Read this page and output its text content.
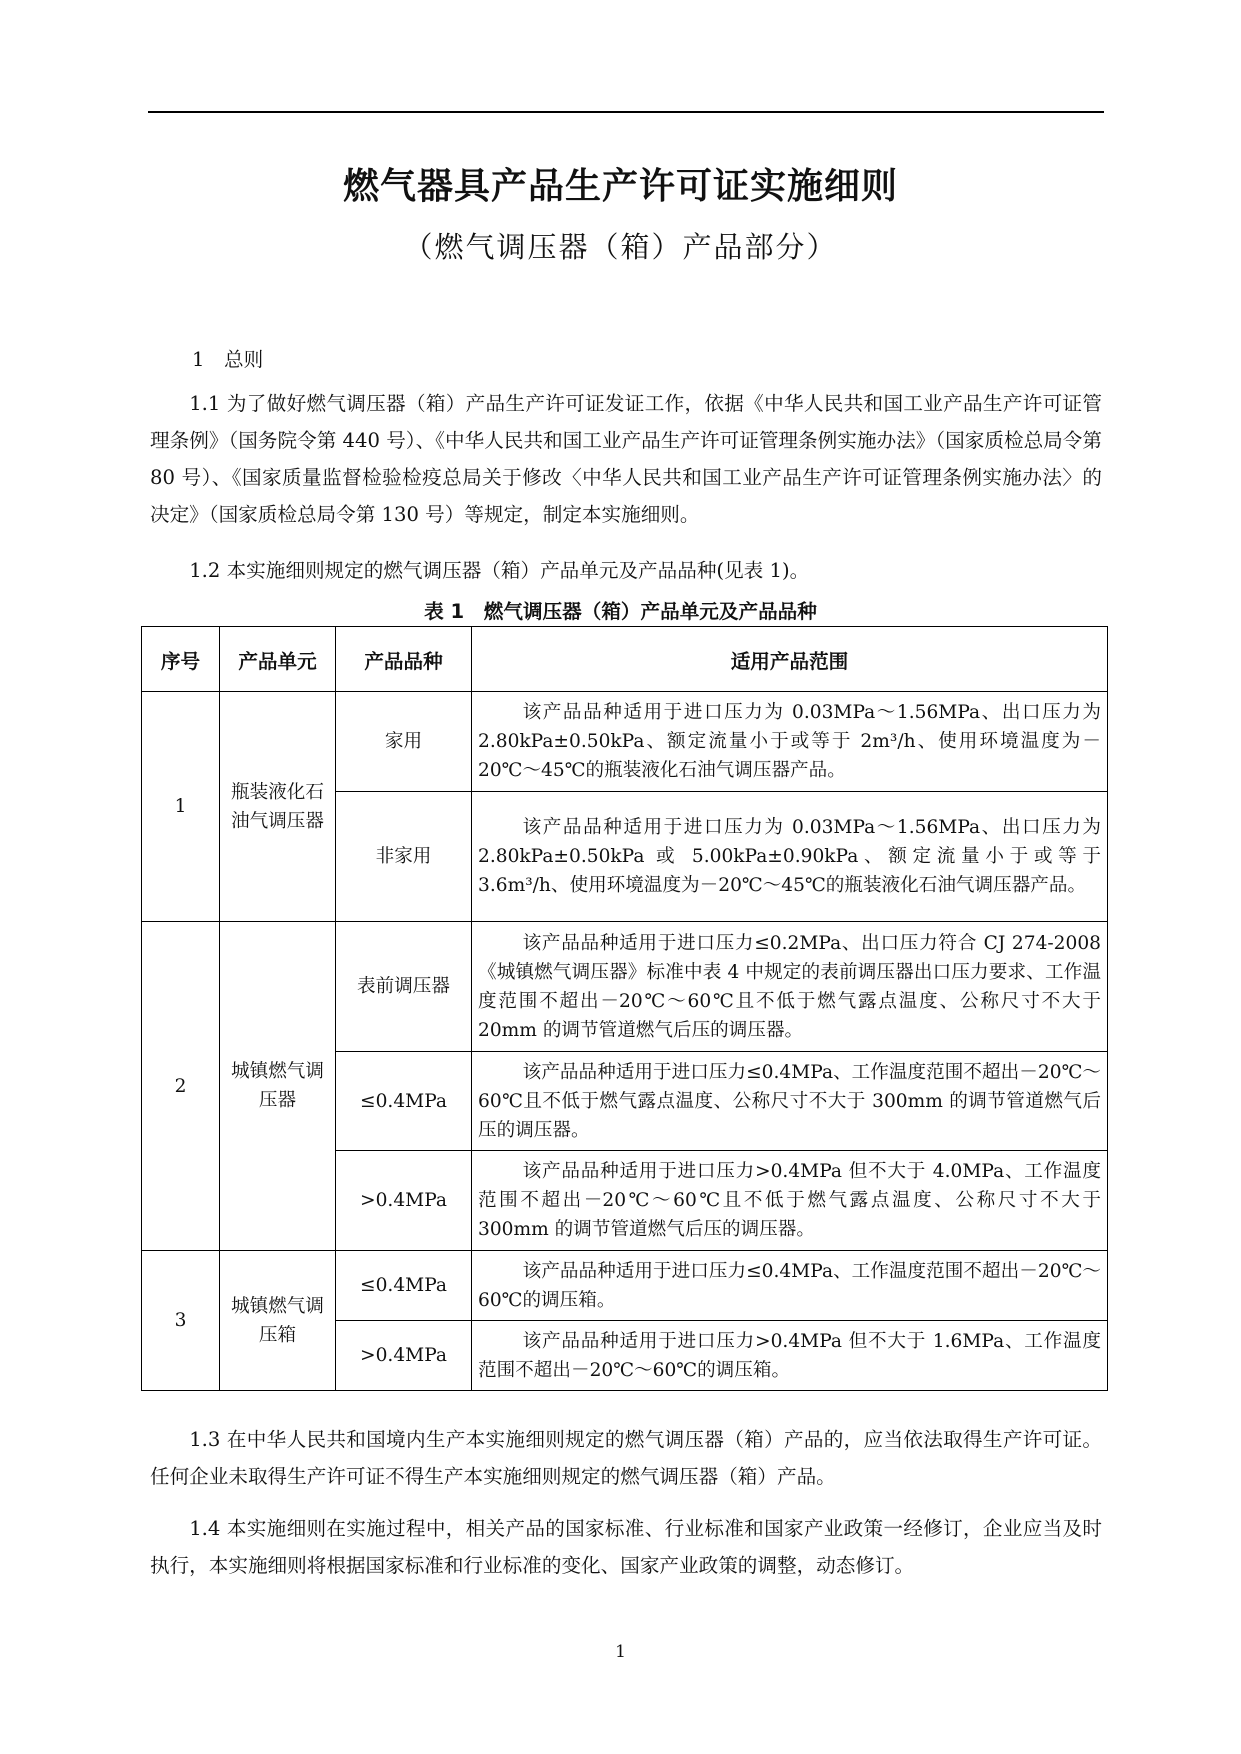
燃气器具产品生产许可证实施细则
（燃气调压器（箱）产品部分）
1　总则

1.1 为了做好燃气调压器（箱）产品生产许可证发证工作，依据《中华人民共和国工业产品生产许可证管理条例》（国务院令第 440 号）、《中华人民共和国工业产品生产许可证管理条例实施办法》（国家质检总局令第 80 号）、《国家质量监督检验检疫总局关于修改〈中华人民共和国工业产品生产许可证管理条例实施办法〉的决定》（国家质检总局令第 130 号）等规定，制定本实施细则。

1.2 本实施细则规定的燃气调压器（箱）产品单元及产品品种(见表 1)。

表 1　燃气调压器（箱）产品单元及产品品种
序号	产品单元	产品品种	适用产品范围
1	瓶装液化石油气调压器	家用	该产品品种适用于进口压力为 0.03MPa～1.56MPa、出口压力为 2.80kPa±0.50kPa、额定流量小于或等于 2m³/h、使用环境温度为－20℃～45℃的瓶装液化石油气调压器产品。
		非家用	该产品品种适用于进口压力为 0.03MPa～1.56MPa、出口压力为 2.80kPa±0.50kPa 或 5.00kPa±0.90kPa、额定流量小于或等于 3.6m³/h、使用环境温度为－20℃～45℃的瓶装液化石油气调压器产品。
2	城镇燃气调压器	表前调压器	该产品品种适用于进口压力≤0.2MPa、出口压力符合 CJ 274-2008《城镇燃气调压器》标准中表 4 中规定的表前调压器出口压力要求、工作温度范围不超出－20℃～60℃且不低于燃气露点温度、公称尺寸不大于 20mm 的调节管道燃气后压的调压器。
		≤0.4MPa	该产品品种适用于进口压力≤0.4MPa、工作温度范围不超出－20℃～60℃且不低于燃气露点温度、公称尺寸不大于 300mm 的调节管道燃气后压的调压器。
		>0.4MPa	该产品品种适用于进口压力>0.4MPa 但不大于 4.0MPa、工作温度范围不超出－20℃～60℃且不低于燃气露点温度、公称尺寸不大于 300mm 的调节管道燃气后压的调压器。
3	城镇燃气调压箱	≤0.4MPa	该产品品种适用于进口压力≤0.4MPa、工作温度范围不超出－20℃～60℃的调压箱。
		>0.4MPa	该产品品种适用于进口压力>0.4MPa 但不大于 1.6MPa、工作温度范围不超出－20℃～60℃的调压箱。

1.3 在中华人民共和国境内生产本实施细则规定的燃气调压器（箱）产品的，应当依法取得生产许可证。任何企业未取得生产许可证不得生产本实施细则规定的燃气调压器（箱）产品。

1.4 本实施细则在实施过程中，相关产品的国家标准、行业标准和国家产业政策一经修订，企业应当及时执行，本实施细则将根据国家标准和行业标准的变化、国家产业政策的调整，动态修订。

1
